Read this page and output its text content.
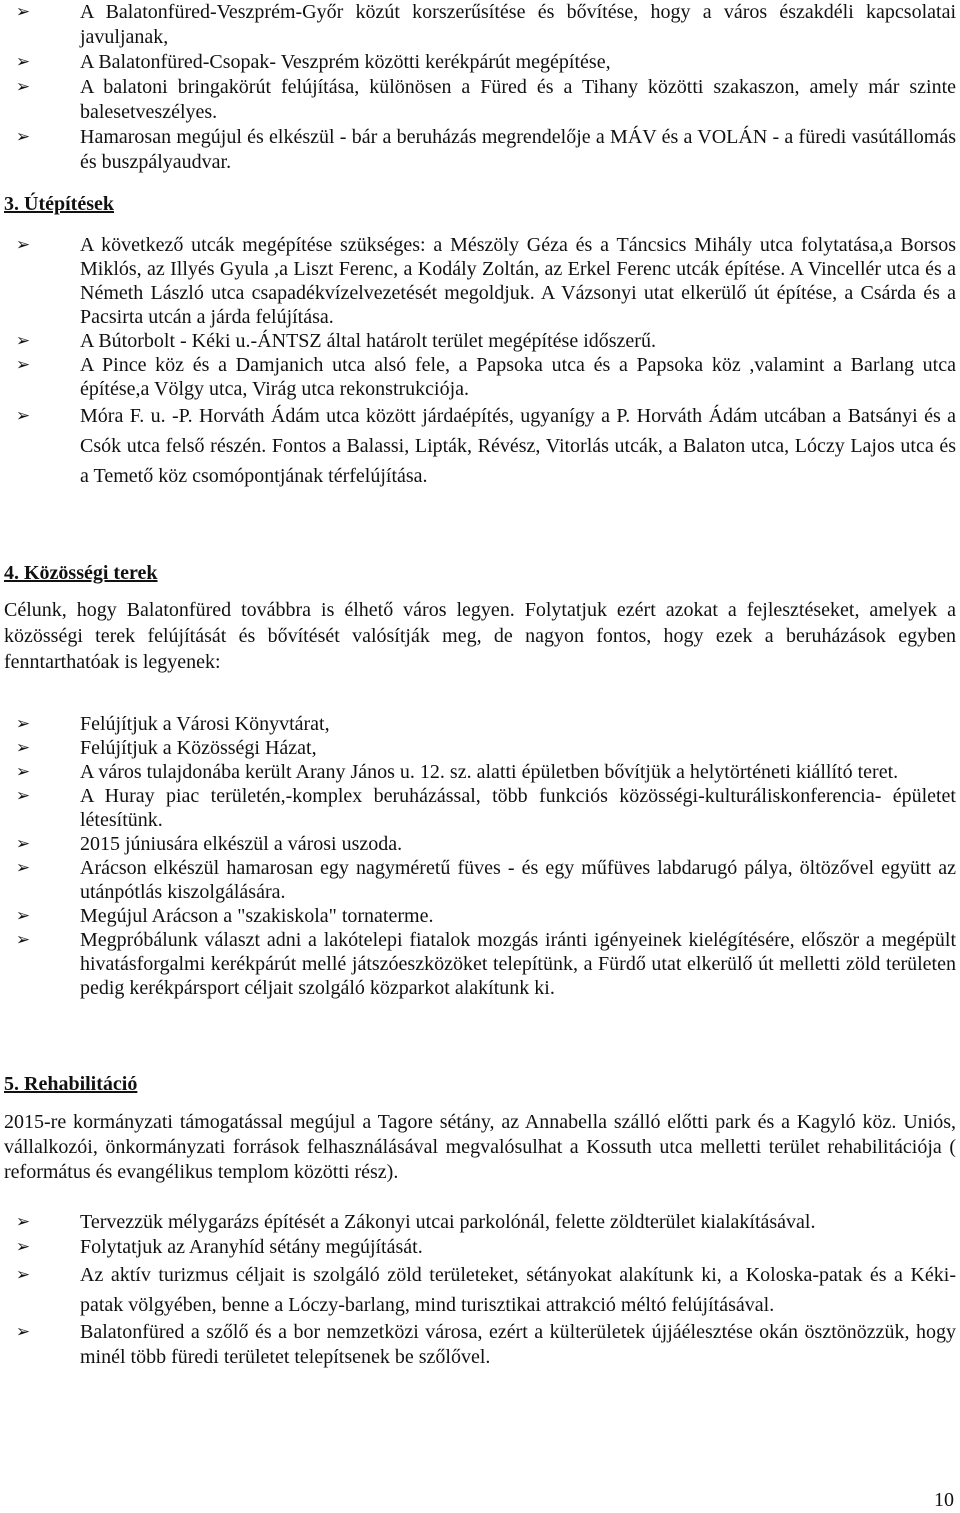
➢ A Balatonfüred-Veszprém-Győr közút korszerűsítése és bővítése, hogy a város északdéli kapcsolatai javuljanak,
➢ A Balatonfüred-Csopak- Veszprém közötti kerékpárút megépítése,
➢ A balatoni bringakörút felújítása, különösen a Füred és a Tihany közötti szakaszon, amely már szinte balesetveszélyes.
➢ Hamarosan megújul és elkészül - bár a beruházás megrendelője a MÁV és a VOLÁN - a füredi vasútállomás és buszpályaudvar.
3. Útépítések
➢ A következő utcák megépítése szükséges: a Mészöly Géza és a Táncsics Mihály utca folytatása,a Borsos Miklós, az Illyés Gyula ,a Liszt Ferenc, a Kodály Zoltán, az Erkel Ferenc utcák építése. A Vincellér utca és a Németh László utca csapadékvízelvezetését megoldjuk. A Vázsonyi utat elkerülő út építése, a Csárda és a Pacsirta utcán a járda felújítása.
➢ A Bútorbolt - Kéki u.-ÁNTSZ által határolt terület megépítése időszerű.
➢ A Pince köz és a Damjanich utca alsó fele, a Papsoka utca és a Papsoka köz ,valamint a Barlang utca építése,a Völgy utca, Virág utca rekonstrukciója.
➢ Móra F. u. -P. Horváth Ádám utca között járdaépítés, ugyanígy a P. Horváth Ádám utcában a Batsányi és a Csók utca felső részén. Fontos a Balassi, Lipták, Révész, Vitorlás utcák, a Balaton utca, Lóczy Lajos utca és a Temető köz csomópontjának térfelújítása.
4. Közösségi terek

Célunk, hogy Balatonfüred továbbra is élhető város legyen. Folytatjuk ezért azokat a fejlesztéseket, amelyek a közösségi terek felújítását és bővítését valósítják meg, de nagyon fontos, hogy ezek a beruházások egyben fenntarthatóak is legyenek:

➢ Felújítjuk a Városi Könyvtárat,
➢ Felújítjuk a Közösségi Házat,
➢ A város tulajdonába került Arany János u. 12. sz. alatti épületben bővítjük a helytörténeti kiállító teret.
➢ A Huray piac területén,-komplex beruházással, több funkciós közösségi-kulturáliskonferencia- épületet létesítünk.
➢ 2015 júniusára elkészül a városi uszoda.
➢ Arácson elkészül hamarosan egy nagyméretű füves - és egy műfüves labdarugó pálya, öltözővel együtt az utánpótlás kiszolgálására.
➢ Megújul Arácson a "szakiskola" tornaterme.
➢ Megpróbálunk választ adni a lakótelepi fiatalok mozgás iránti igényeinek kielégítésére, először a megépült hivatásforgalmi kerékpárút mellé játszóeszközöket telepítünk, a Fürdő utat elkerülő út melletti zöld területen pedig kerékpársport céljait szolgáló közparkot alakítunk ki.
5. Rehabilitáció

2015-re kormányzati támogatással megújul a Tagore sétány, az Annabella szálló előtti park és a Kagyló köz. Uniós, vállalkozói, önkormányzati források felhasználásával megvalósulhat a Kossuth utca melletti terület rehabilitációja ( református és evangélikus templom közötti rész).

➢ Tervezzük mélygarázs építését a Zákonyi utcai parkolónál, felette zöldterület kialakításával.
➢ Folytatjuk az Aranyhíd sétány megújítását.
➢ Az aktív turizmus céljait is szolgáló zöld területeket, sétányokat alakítunk ki, a Koloska-patak és a Kéki-patak völgyében, benne a Lóczy-barlang, mind turisztikai attrakció méltó felújításával.
➢ Balatonfüred a szőlő és a bor nemzetközi városa, ezért a külterületek újjáélesztése okán ösztönözzük, hogy minél több füredi területet telepítsenek be szőlővel.
10
